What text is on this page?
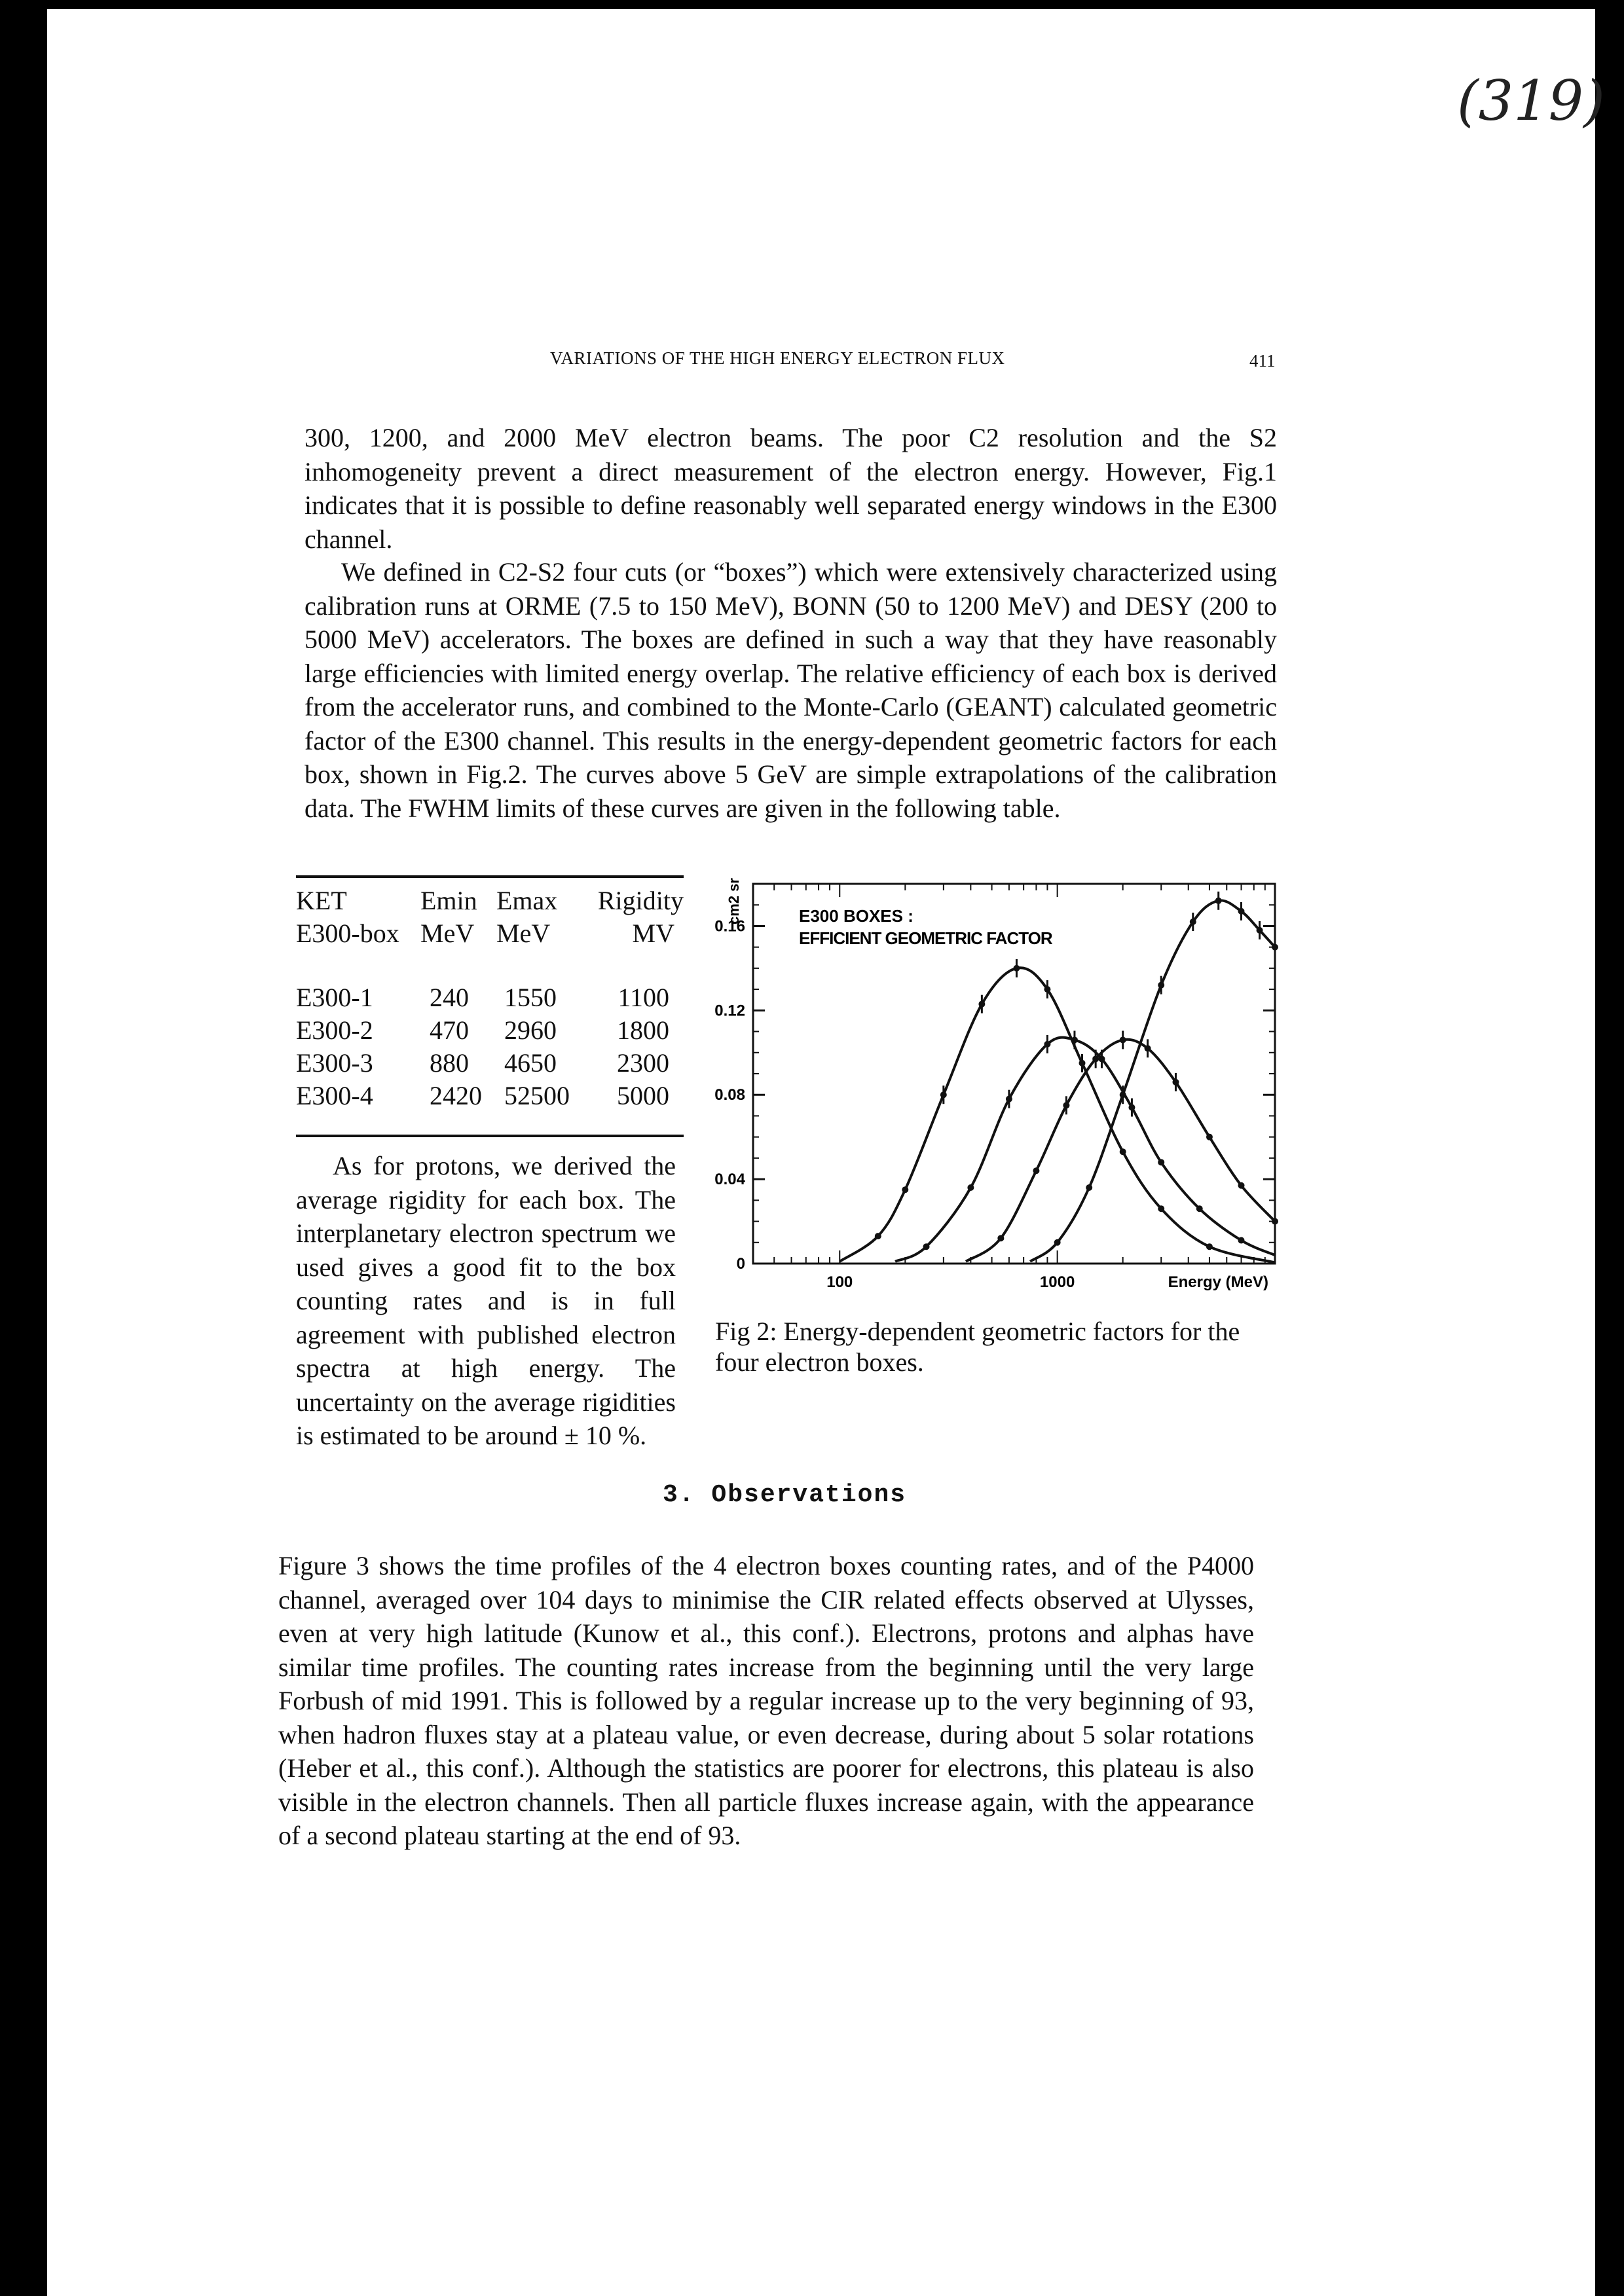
(319)
VARIATIONS OF THE HIGH ENERGY ELECTRON FLUX	411

300, 1200, and 2000 MeV electron beams. The poor C2 resolution and the S2 inhomogeneity prevent a direct measurement of the electron energy. However, Fig.1 indicates that it is possible to define reasonably well separated energy windows in the E300 channel.

We defined in C2-S2 four cuts (or “boxes”) which were extensively characterized using calibration runs at ORME (7.5 to 150 MeV), BONN (50 to 1200 MeV) and DESY (200 to 5000 MeV) accelerators. The boxes are defined in such a way that they have reasonably large efficiencies with limited energy overlap. The relative efficiency of each box is derived from the accelerator runs, and combined to the Monte-Carlo (GEANT) calculated geometric factor of the E300 channel. This results in the energy-dependent geometric factors for each box, shown in Fig.2. The curves above 5 GeV are simple extrapolations of the calibration data. The FWHM limits of these curves are given in the following table.

KET	Emin	Emax	Rigidity
E300-box	MeV	MeV	MV

E300-1	240	1550	1100
E300-2	470	2960	1800
E300-3	880	4650	2300
E300-4	2420	52500	5000

As for protons, we derived the average rigidity for each box. The interplanetary electron spectrum we used gives a good fit to the box counting rates and is in full agreement with published electron spectra at high energy. The uncertainty on the average rigidities is estimated to be around ± 10 %.

0
0.04
0.08
0.12
0.16
100	1000
cm2 sr	E300 BOXES :
EFFICIENT GEOMETRIC FACTOR
Energy (MeV)
Fig 2: Energy-dependent geometric factors for the four electron boxes.
3. Observations

Figure 3 shows the time profiles of the 4 electron boxes counting rates, and of the P4000 channel, averaged over 104 days to minimise the CIR related effects observed at Ulysses, even at very high latitude (Kunow et al., this conf.). Electrons, protons and alphas have similar time profiles. The counting rates increase from the beginning until the very large Forbush of mid 1991. This is followed by a regular increase up to the very beginning of 93, when hadron fluxes stay at a plateau value, or even decrease, during about 5 solar rotations (Heber et al., this conf.). Although the statistics are poorer for electrons, this plateau is also visible in the electron channels. Then all particle fluxes increase again, with the appearance of a second plateau starting at the end of 93.
